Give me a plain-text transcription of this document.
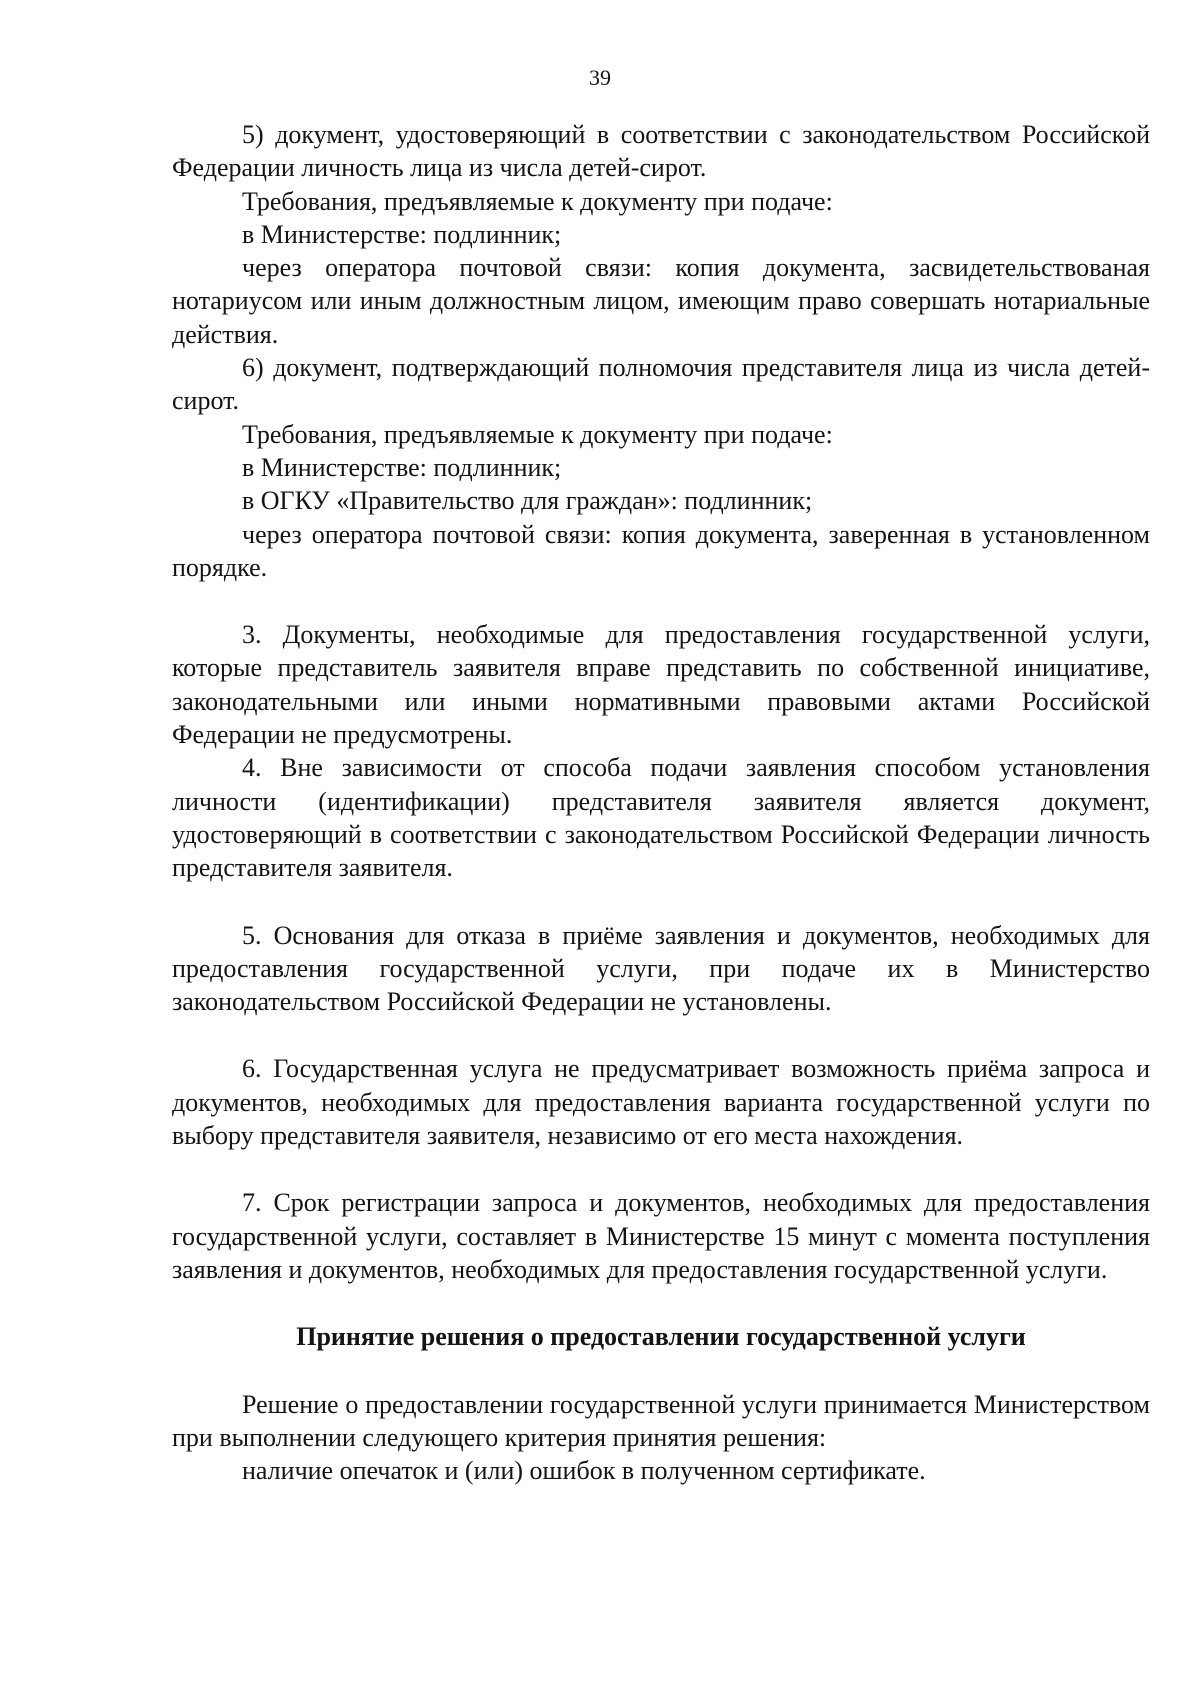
39

5) документ, удостоверяющий в соответствии с законодательством Российской Федерации личность лица из числа детей-сирот.

Требования, предъявляемые к документу при подаче:

в Министерстве: подлинник;

через оператора почтовой связи: копия документа, засвидетельствованая нотариусом или иным должностным лицом, имеющим право совершать нотариальные действия.

6) документ, подтверждающий полномочия представителя лица из числа детей-сирот.

Требования, предъявляемые к документу при подаче:

в Министерстве: подлинник;

в ОГКУ «Правительство для граждан»: подлинник;

через оператора почтовой связи: копия документа, заверенная в установленном порядке.

3. Документы, необходимые для предоставления государственной услуги, которые представитель заявителя вправе представить по собственной инициативе, законодательными или иными нормативными правовыми актами Российской Федерации не предусмотрены.

4. Вне зависимости от способа подачи заявления способом установления личности (идентификации) представителя заявителя является документ, удостоверяющий в соответствии с законодательством Российской Федерации личность представителя заявителя.

5. Основания для отказа в приёме заявления и документов, необходимых для предоставления государственной услуги, при подаче их в Министерство законодательством Российской Федерации не установлены.

6. Государственная услуга не предусматривает возможность приёма запроса и документов, необходимых для предоставления варианта государственной услуги по выбору представителя заявителя, независимо от его места нахождения.

7. Срок регистрации запроса и документов, необходимых для предоставления государственной услуги, составляет в Министерстве 15 минут с момента поступления заявления и документов, необходимых для предоставления государственной услуги.

Принятие решения о предоставлении государственной услуги

Решение о предоставлении государственной услуги принимается Министерством при выполнении следующего критерия принятия решения:

наличие опечаток и (или) ошибок в полученном сертификате.
